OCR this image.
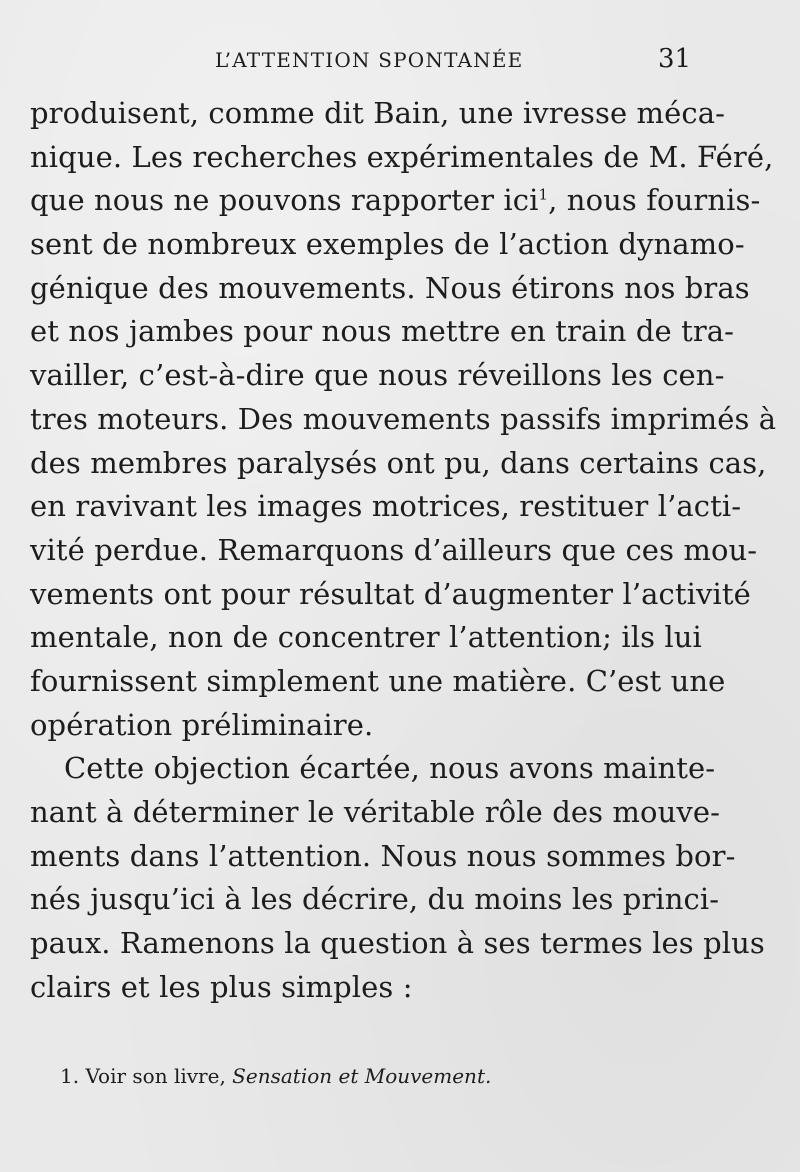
L’ATTENTION SPONTANÉE	31
produisent, comme dit Bain, une ivresse méca-
nique. Les recherches expérimentales de M. Féré,
que nous ne pouvons rapporter ici$^1$, nous fournis-
sent de nombreux exemples de l’action dynamo-
génique des mouvements. Nous étirons nos bras
et nos jambes pour nous mettre en train de tra-
vailler, c’est-à-dire que nous réveillons les cen-
tres moteurs. Des mouvements passifs imprimés à
des membres paralysés ont pu, dans certains cas,
en ravivant les images motrices, restituer l’acti-
vité perdue. Remarquons d’ailleurs que ces mou-
vements ont pour résultat d’augmenter l’activité
mentale, non de concentrer l’attention; ils lui
fournissent simplement une matière. C’est une
opération préliminaire.
Cette objection écartée, nous avons mainte-
nant à déterminer le véritable rôle des mouve-
ments dans l’attention. Nous nous sommes bor-
nés jusqu’ici à les décrire, du moins les princi-
paux. Ramenons la question à ses termes les plus
clairs et les plus simples :
1. Voir son livre, Sensation et Mouvement.
